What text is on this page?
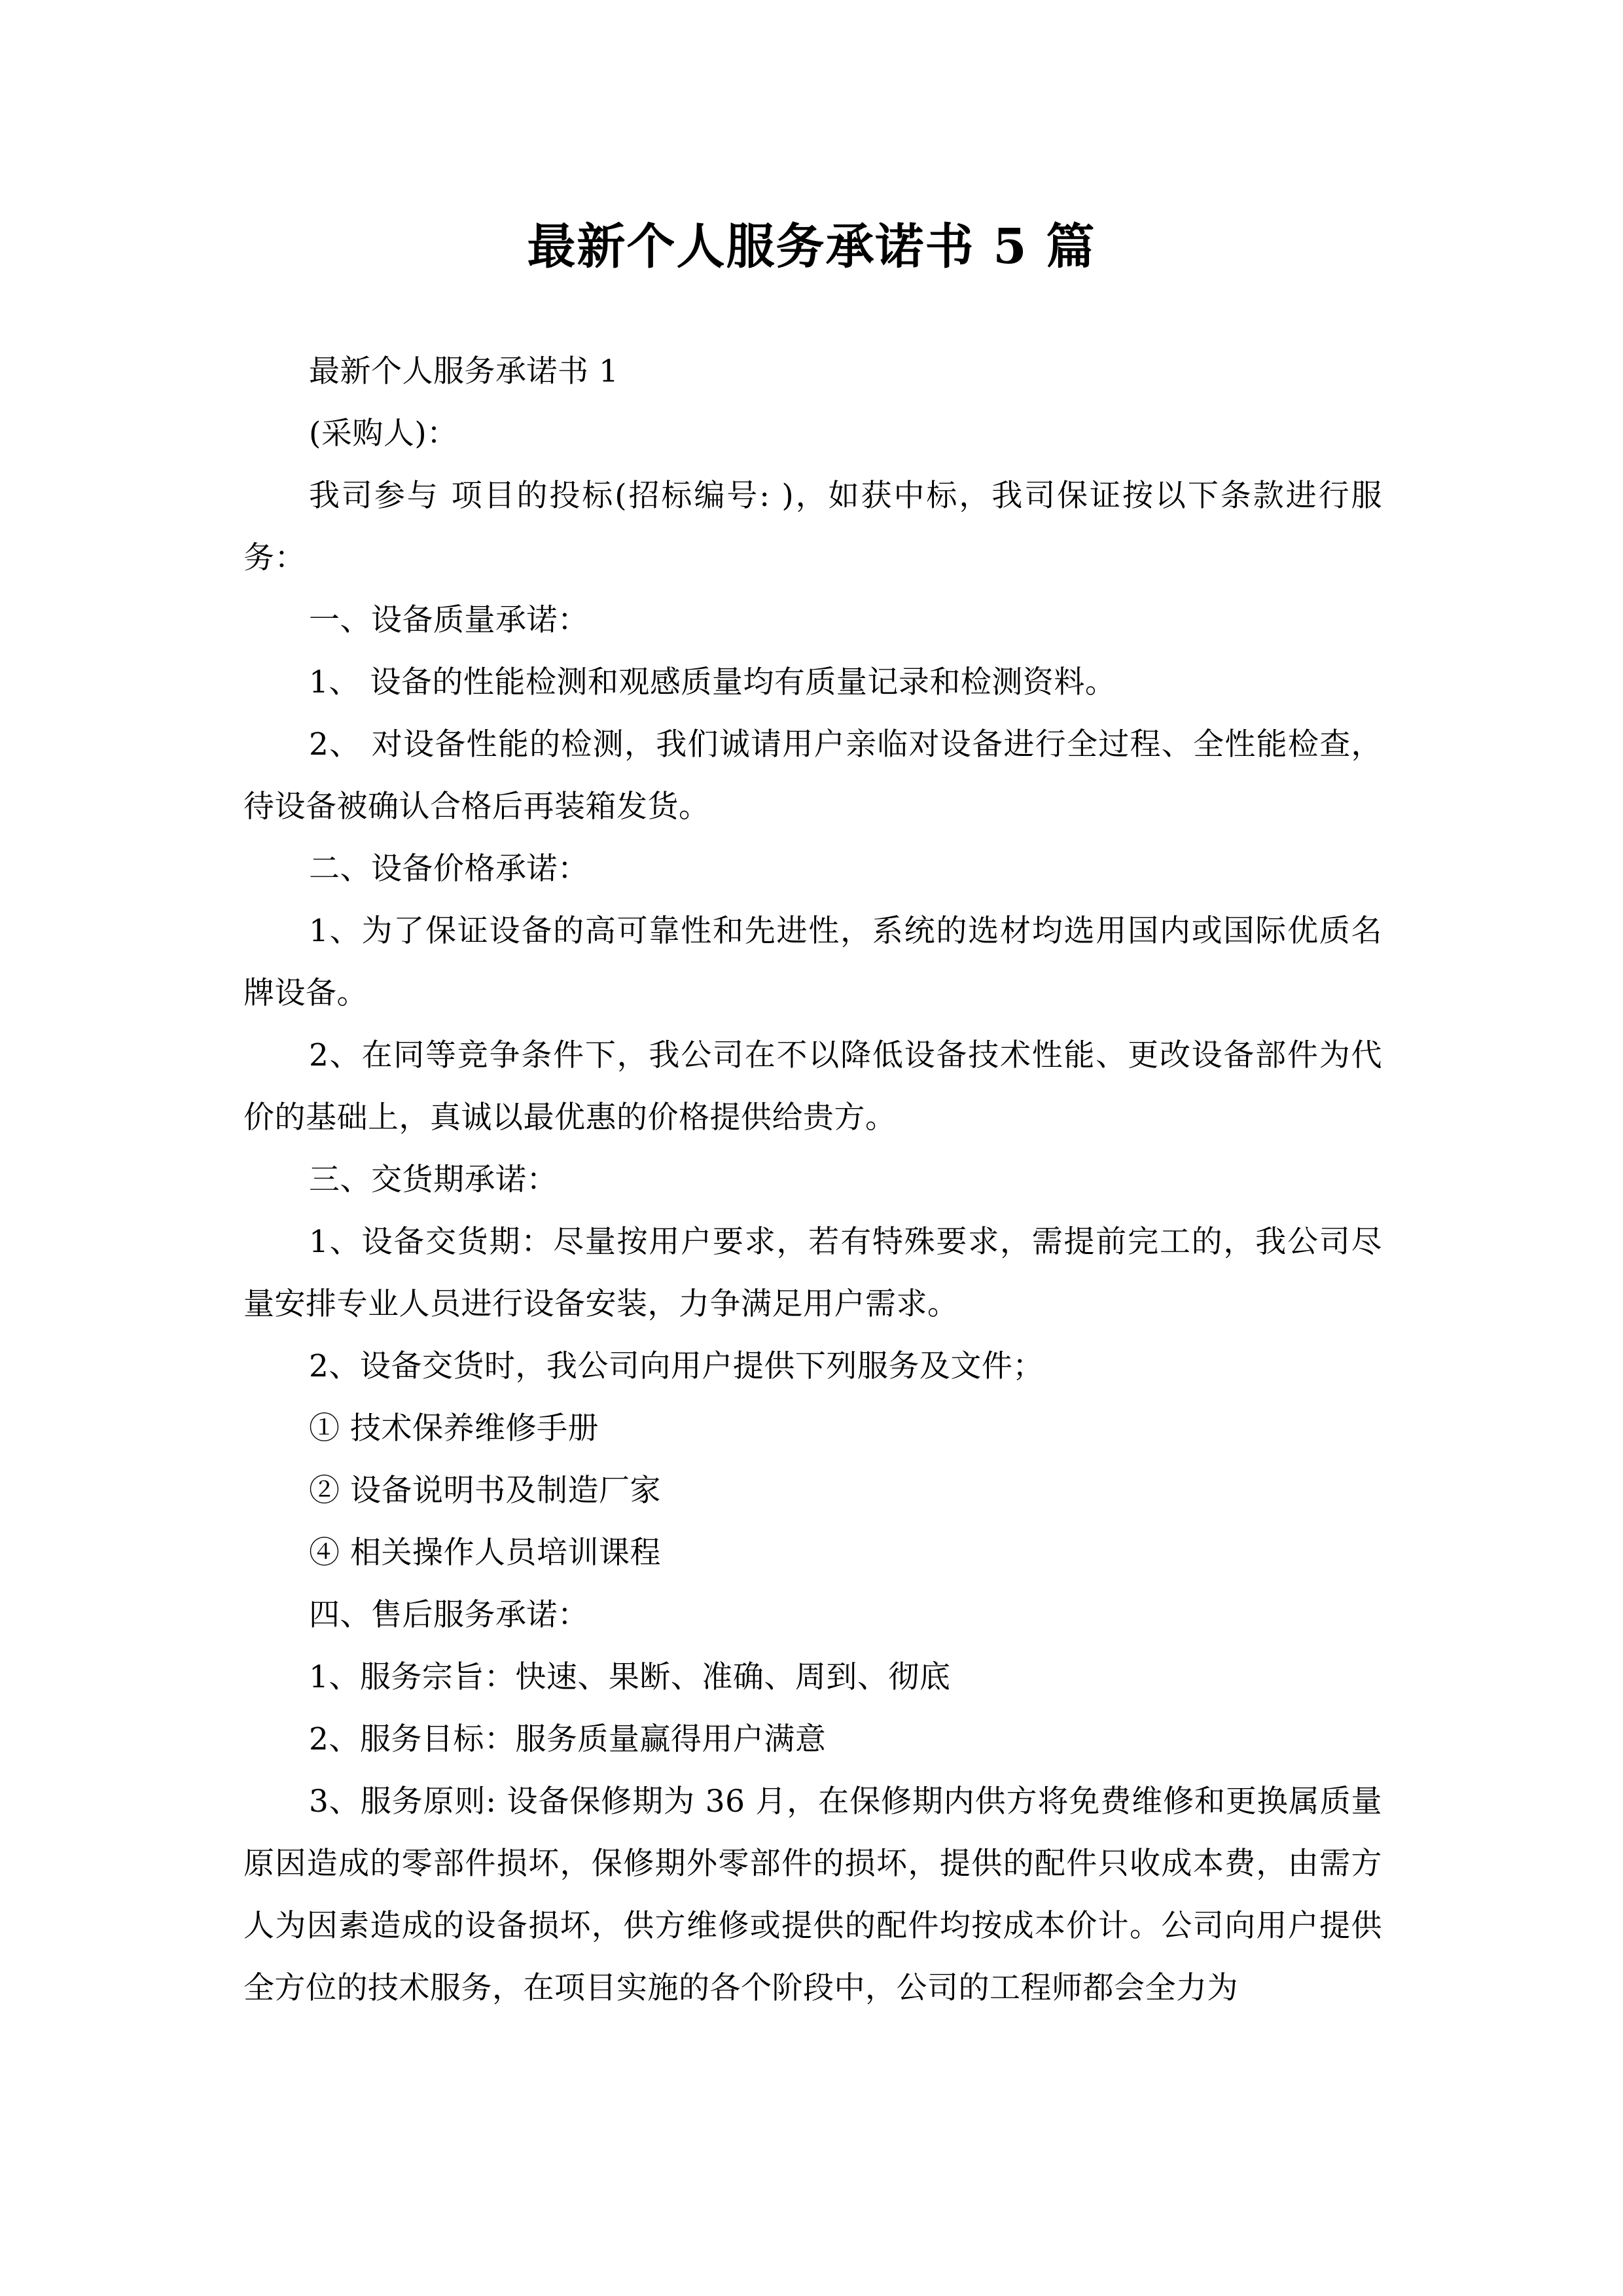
最新个人服务承诺书 5 篇

最新个人服务承诺书 1

(采购人)：

我司参与 项目的投标(招标编号: )，如获中标，我司保证按以下条款进行服务：

一、设备质量承诺：

1、 设备的性能检测和观感质量均有质量记录和检测资料。

2、 对设备性能的检测，我们诚请用户亲临对设备进行全过程、全性能检查，待设备被确认合格后再装箱发货。

二、设备价格承诺：

1、为了保证设备的高可靠性和先进性，系统的选材均选用国内或国际优质名牌设备。

2、在同等竞争条件下，我公司在不以降低设备技术性能、更改设备部件为代价的基础上，真诚以最优惠的价格提供给贵方。

三、交货期承诺：

1、设备交货期：尽量按用户要求，若有特殊要求，需提前完工的，我公司尽量安排专业人员进行设备安装，力争满足用户需求。

2、设备交货时，我公司向用户提供下列服务及文件；

① 技术保养维修手册

② 设备说明书及制造厂家

④ 相关操作人员培训课程

四、售后服务承诺：

1、服务宗旨：快速、果断、准确、周到、彻底

2、服务目标：服务质量赢得用户满意

3、服务原则: 设备保修期为 36 月，在保修期内供方将免费维修和更换属质量原因造成的零部件损坏，保修期外零部件的损坏，提供的配件只收成本费，由需方人为因素造成的设备损坏，供方维修或提供的配件均按成本价计。公司向用户提供全方位的技术服务，在项目实施的各个阶段中，公司的工程师都会全力为
